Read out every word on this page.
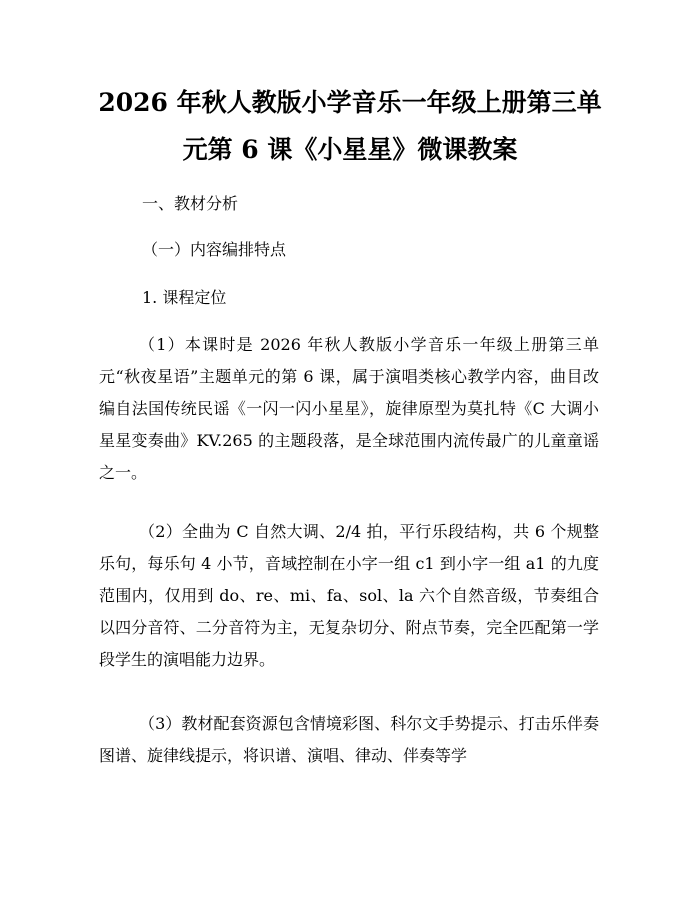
2026 年秋人教版小学音乐一年级上册第三单
元第 6 课《小星星》微课教案

一、教材分析

（一）内容编排特点

1. 课程定位

（1）本课时是 2026 年秋人教版小学音乐一年级上册第三单元“秋夜星语”主题单元的第 6 课，属于演唱类核心教学内容，曲目改编自法国传统民谣《一闪一闪小星星》，旋律原型为莫扎特《C 大调小星星变奏曲》KV.265 的主题段落，是全球范围内流传最广的儿童童谣之一。

（2）全曲为 C 自然大调、2/4 拍，平行乐段结构，共 6 个规整乐句，每乐句 4 小节，音域控制在小字一组 c1 到小字一组 a1 的九度范围内，仅用到 do、re、mi、fa、sol、la 六个自然音级，节奏组合以四分音符、二分音符为主，无复杂切分、附点节奏，完全匹配第一学段学生的演唱能力边界。

（3）教材配套资源包含情境彩图、科尔文手势提示、打击乐伴奏图谱、旋律线提示，将识谱、演唱、律动、伴奏等学
